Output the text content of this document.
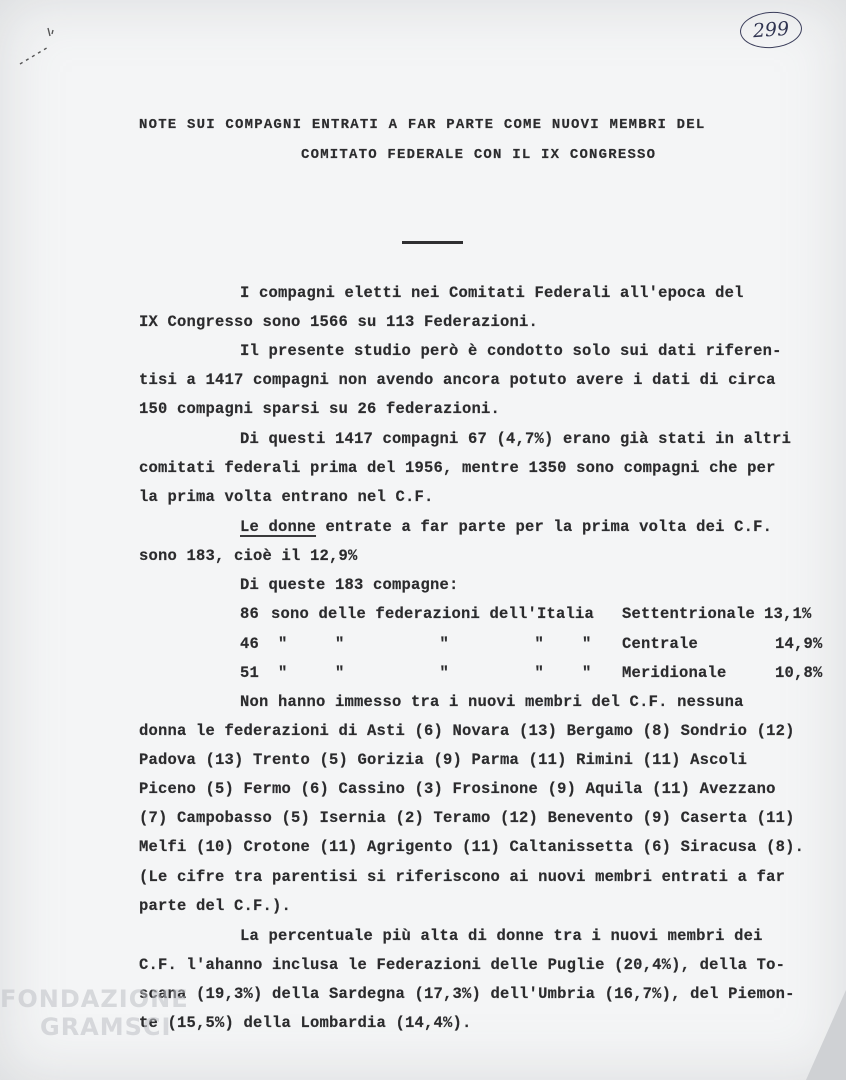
299
NOTE SUI COMPAGNI ENTRATI A FAR PARTE COME NUOVI MEMBRI DEL
COMITATO FEDERALE CON IL IX CONGRESSO
I compagni eletti nei Comitati Federali all'epoca del
IX Congresso sono 1566 su 113 Federazioni.
Il presente studio però è condotto solo sui dati riferen-
tisi a 1417 compagni non avendo ancora potuto avere i dati di circa
150 compagni sparsi su 26 federazioni.
Di questi 1417 compagni 67 (4,7%) erano già stati in altri
comitati federali prima del 1956, mentre 1350 sono compagni che per
la prima volta entrano nel C.F.
Le donne entrate a far parte per la prima volta dei C.F.
sono 183, cioè il 12,9%
Di queste 183 compagne:
86 sono delle federazioni dell'Italia Settentrionale 13,1%
46 "     "          "         "    " Centrale	14,9%
51 "     "          "         "    " Meridionale	10,8%
Non hanno immesso tra i nuovi membri del C.F. nessuna
donna le federazioni di Asti (6) Novara (13) Bergamo (8) Sondrio (12)
Padova (13) Trento (5) Gorizia (9) Parma (11) Rimini (11) Ascoli
Piceno (5) Fermo (6) Cassino (3) Frosinone (9) Aquila (11) Avezzano
(7) Campobasso (5) Isernia (2) Teramo (12) Benevento (9) Caserta (11)
Melfi (10) Crotone (11) Agrigento (11) Caltanissetta (6) Siracusa (8).
(Le cifre tra parentisi si riferiscono ai nuovi membri entrati a far
parte del C.F.).
La percentuale più alta di donne tra i nuovi membri dei
C.F. l'ahanno inclusa le Federazioni delle Puglie (20,4%), della To-
scana (19,3%) della Sardegna (17,3%) dell'Umbria (16,7%), del Piemon-
te (15,5%) della Lombardia (14,4%).
FONDAZIONE
GRAMSCI
